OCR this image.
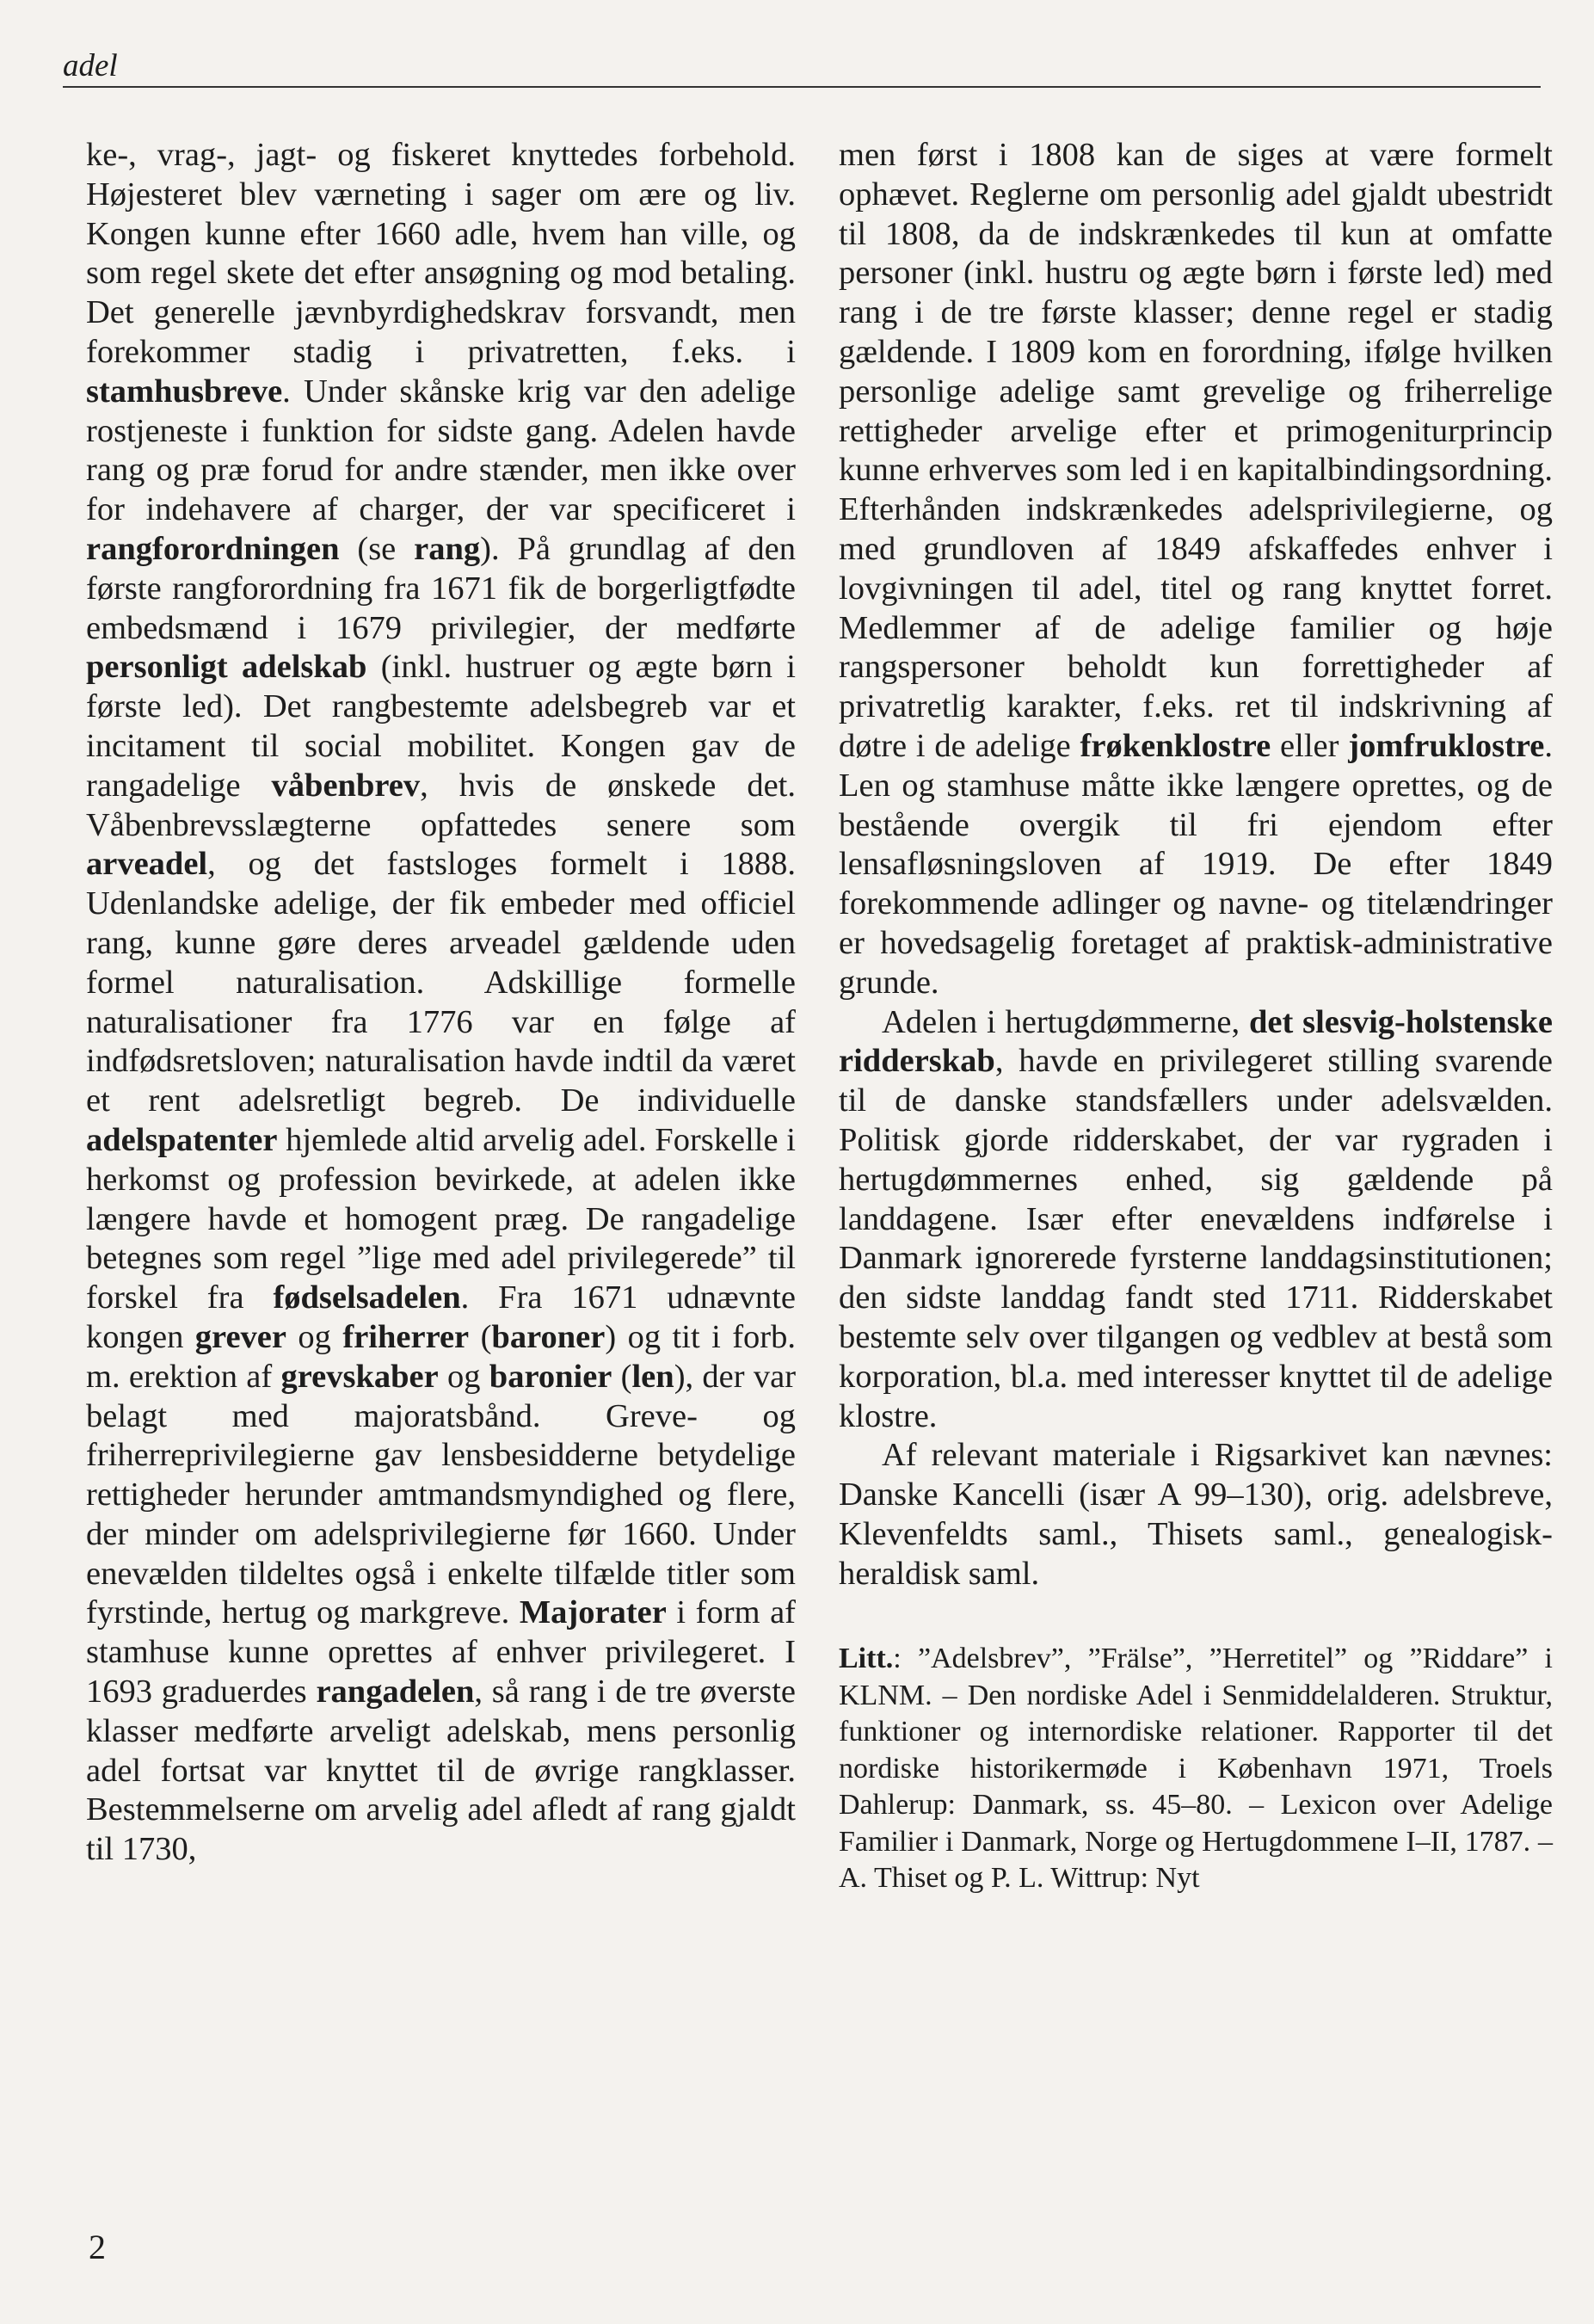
adel

ke-, vrag-, jagt- og fiskeret knyttedes forbehold. Højesteret blev værneting i sager om ære og liv. Kongen kunne efter 1660 adle, hvem han ville, og som regel skete det efter ansøgning og mod betaling. Det generelle jævnbyrdighedskrav forsvandt, men forekommer stadig i privatretten, f.eks. i stamhusbreve. Under skånske krig var den adelige rostjeneste i funktion for sidste gang. Adelen havde rang og præ forud for andre stænder, men ikke over for indehavere af charger, der var specificeret i rangforordningen (se rang). På grundlag af den første rangforordning fra 1671 fik de borgerligtfødte embedsmænd i 1679 privilegier, der medførte personligt adelskab (inkl. hustruer og ægte børn i første led). Det rangbestemte adelsbegreb var et incitament til social mobilitet. Kongen gav de rangadelige våbenbrev, hvis de ønskede det. Våbenbrevsslægterne opfattedes senere som arveadel, og det fastsloges formelt i 1888. Udenlandske adelige, der fik embeder med officiel rang, kunne gøre deres arveadel gældende uden formel naturalisation. Adskillige formelle naturalisationer fra 1776 var en følge af indfødsretsloven; naturalisation havde indtil da været et rent adelsretligt begreb. De individuelle adelspatenter hjemlede altid arvelig adel. Forskelle i herkomst og profession bevirkede, at adelen ikke længere havde et homogent præg. De rangadelige betegnes som regel ”lige med adel privilegerede” til forskel fra fødselsadelen. Fra 1671 udnævnte kongen grever og friherrer (baroner) og tit i forb. m. erektion af grevskaber og baronier (len), der var belagt med majoratsbånd. Greve- og friherreprivilegierne gav lensbesidderne betydelige rettigheder herunder amtmandsmyndighed og flere, der minder om adelsprivilegierne før 1660. Under enevælden tildeltes også i enkelte tilfælde titler som fyrstinde, hertug og markgreve. Majorater i form af stamhuse kunne oprettes af enhver privilegeret. I 1693 graduerdes rangadelen, så rang i de tre øverste klasser medførte arveligt adelskab, mens personlig adel fortsat var knyttet til de øvrige rangklasser. Bestemmelserne om arvelig adel afledt af rang gjaldt til 1730,

men først i 1808 kan de siges at være formelt ophævet. Reglerne om personlig adel gjaldt ubestridt til 1808, da de indskrænkedes til kun at omfatte personer (inkl. hustru og ægte børn i første led) med rang i de tre første klasser; denne regel er stadig gældende. I 1809 kom en forordning, ifølge hvilken personlige adelige samt grevelige og friherrelige rettigheder arvelige efter et primogeniturprincip kunne erhverves som led i en kapitalbindingsordning. Efterhånden indskrænkedes adelsprivilegierne, og med grundloven af 1849 afskaffedes enhver i lovgivningen til adel, titel og rang knyttet forret. Medlemmer af de adelige familier og høje rangspersoner beholdt kun forrettigheder af privatretlig karakter, f.eks. ret til indskrivning af døtre i de adelige frøkenklostre eller jomfruklostre. Len og stamhuse måtte ikke længere oprettes, og de bestående overgik til fri ejendom efter lensafløsningsloven af 1919. De efter 1849 forekommende adlinger og navne- og titelændringer er hovedsagelig foretaget af praktisk-administrative grunde.

Adelen i hertugdømmerne, det slesvig-holstenske ridderskab, havde en privilegeret stilling svarende til de danske standsfællers under adelsvælden. Politisk gjorde ridderskabet, der var rygraden i hertugdømmernes enhed, sig gældende på landdagene. Især efter enevældens indførelse i Danmark ignorerede fyrsterne landdagsinstitutionen; den sidste landdag fandt sted 1711. Ridderskabet bestemte selv over tilgangen og vedblev at bestå som korporation, bl.a. med interesser knyttet til de adelige klostre.

Af relevant materiale i Rigsarkivet kan nævnes: Danske Kancelli (især A 99–130), orig. adelsbreve, Klevenfeldts saml., Thisets saml., genealogisk-heraldisk saml.

Litt.: ”Adelsbrev”, ”Frälse”, ”Herretitel” og ”Riddare” i KLNM. – Den nordiske Adel i Senmiddelalderen. Struktur, funktioner og internordiske relationer. Rapporter til det nordiske historikermøde i København 1971, Troels Dahlerup: Danmark, ss. 45–80. – Lexicon over Adelige Familier i Danmark, Norge og Hertugdommene I–II, 1787. – A. Thiset og P. L. Wittrup: Nyt

2
